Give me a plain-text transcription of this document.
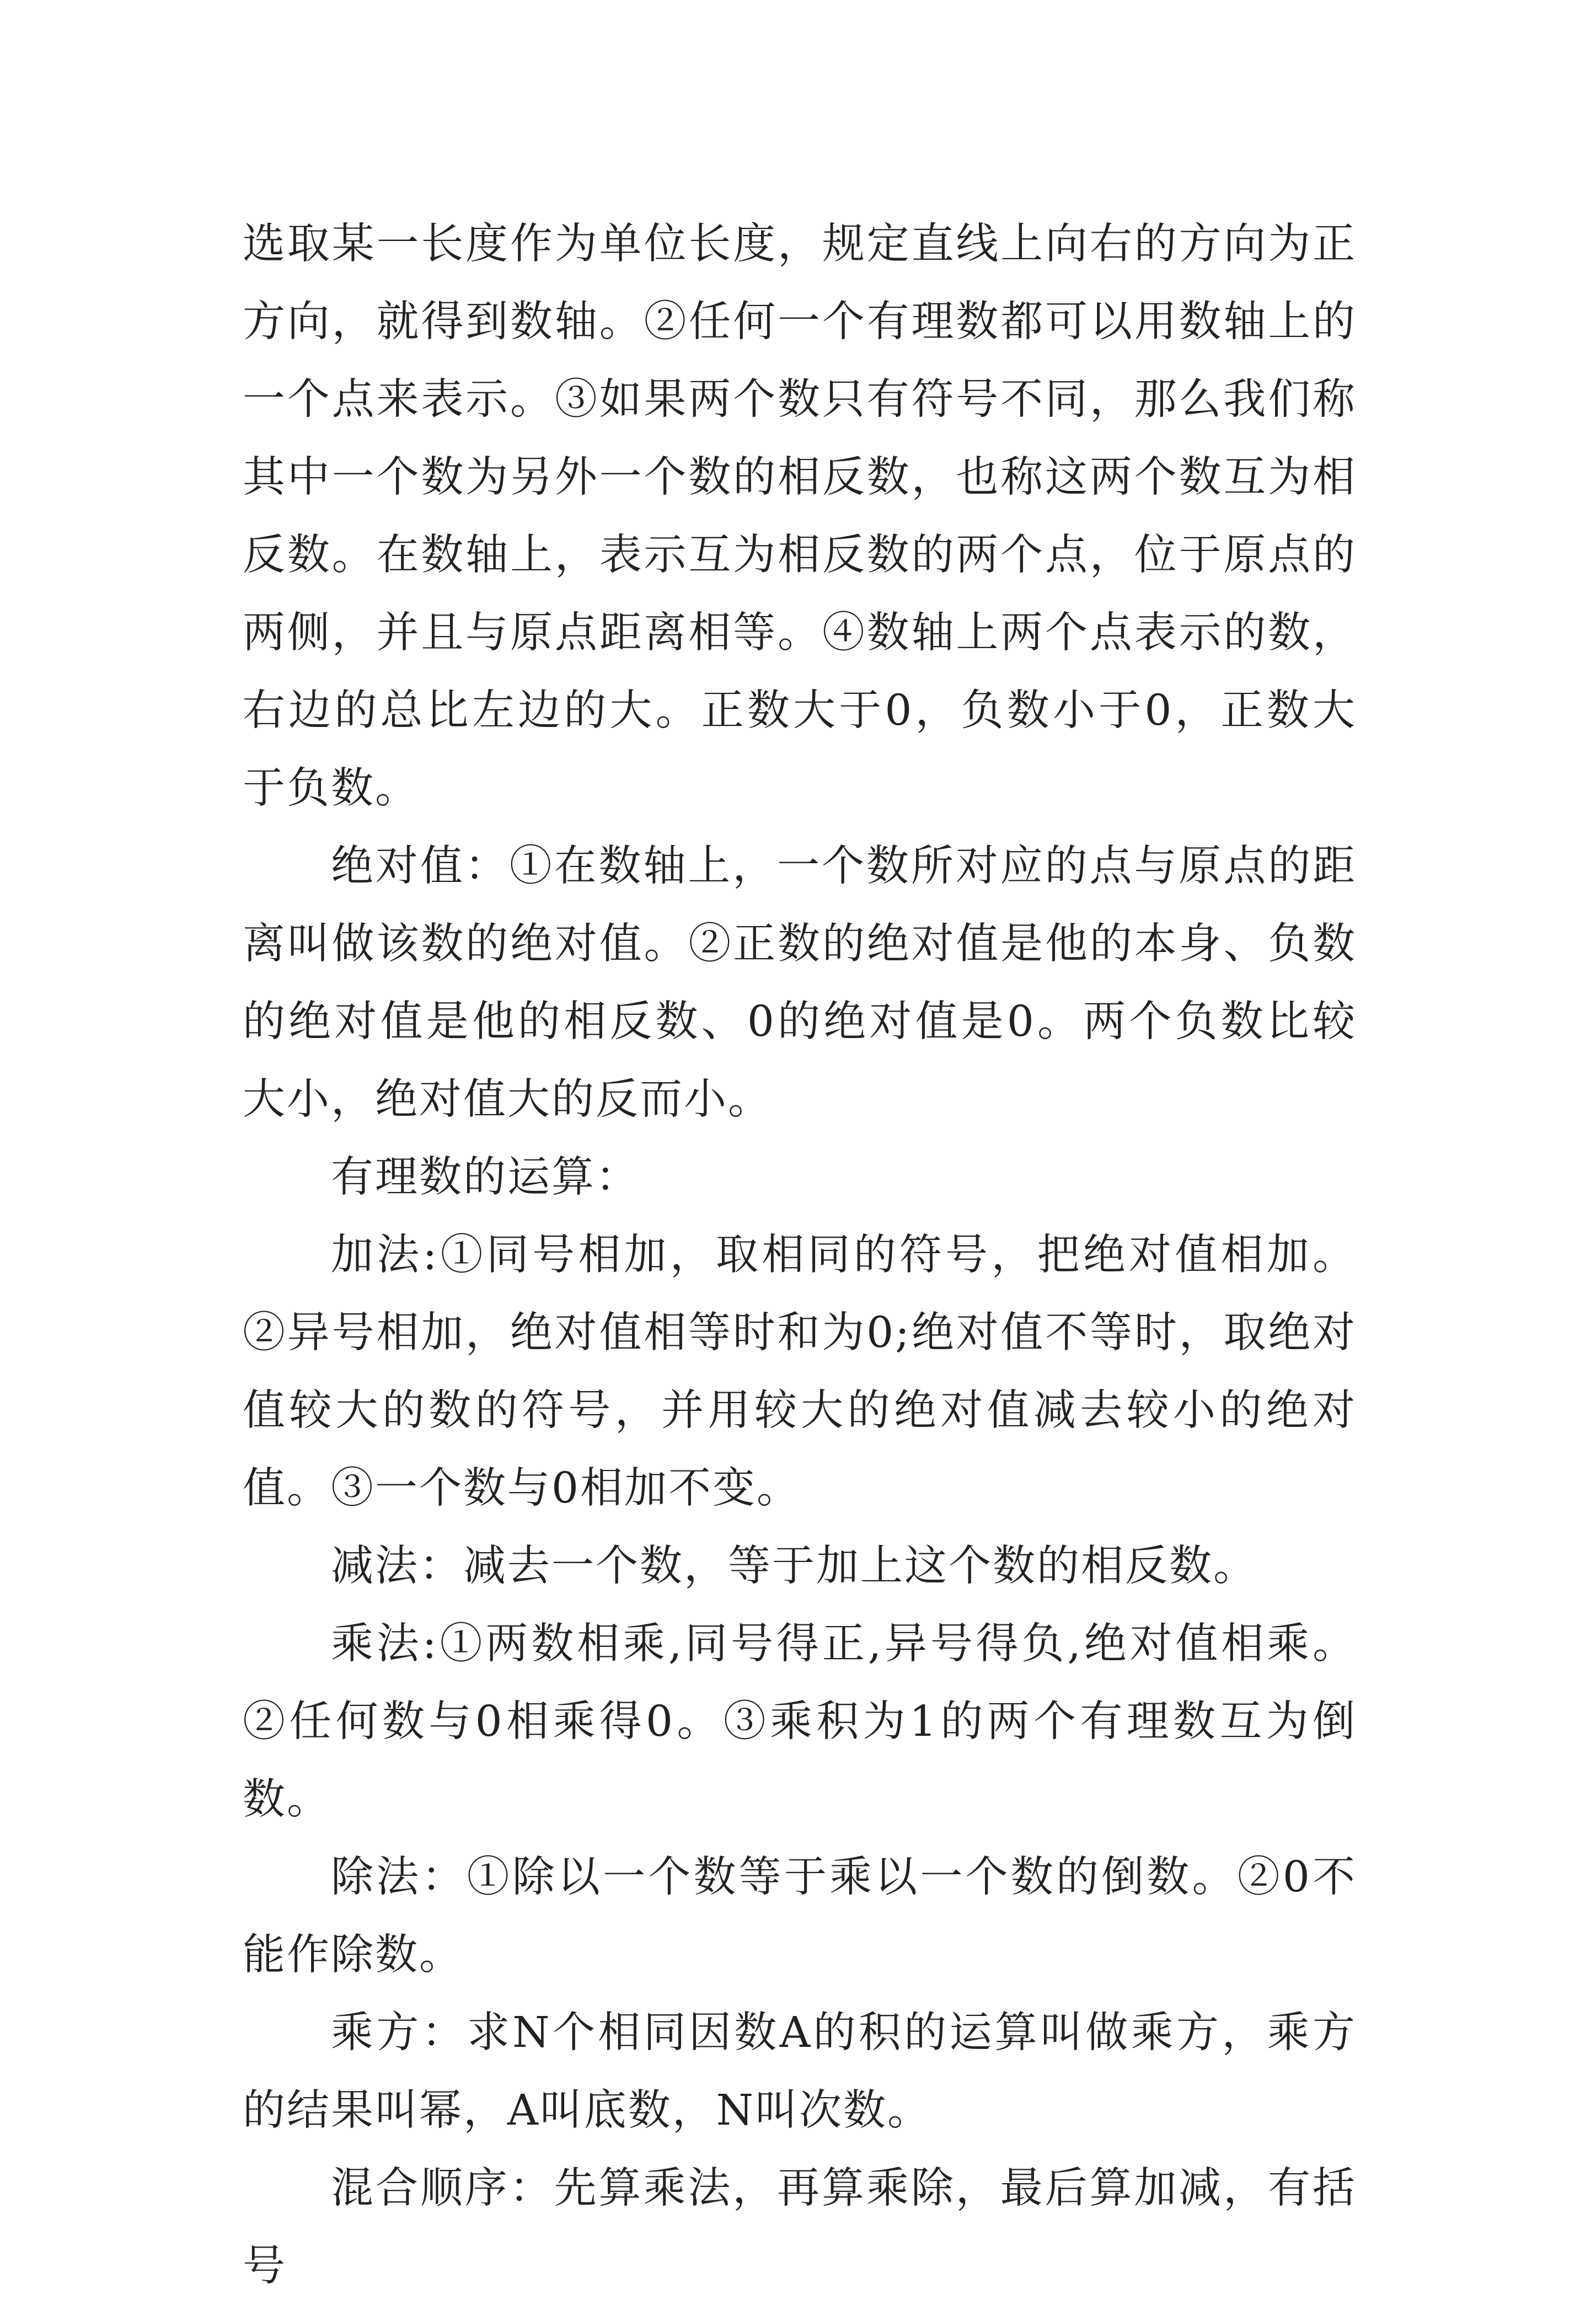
选取某一长度作为单位长度，规定直线上向右的方向为正方向，就得到数轴。②任何一个有理数都可以用数轴上的一个点来表示。③如果两个数只有符号不同，那么我们称其中一个数为另外一个数的相反数，也称这两个数互为相反数。在数轴上，表示互为相反数的两个点，位于原点的两侧，并且与原点距离相等。④数轴上两个点表示的数，右边的总比左边的大。正数大于0，负数小于0，正数大于负数。

绝对值：①在数轴上，一个数所对应的点与原点的距离叫做该数的绝对值。②正数的绝对值是他的本身、负数的绝对值是他的相反数、0的绝对值是0。两个负数比较大小，绝对值大的反而小。

有理数的运算：

加法:①同号相加，取相同的符号，把绝对值相加。②异号相加，绝对值相等时和为0;绝对值不等时，取绝对值较大的数的符号，并用较大的绝对值减去较小的绝对值。③一个数与0相加不变。

减法：减去一个数，等于加上这个数的相反数。

乘法:①两数相乘,同号得正,异号得负,绝对值相乘。②任何数与0相乘得0。③乘积为1的两个有理数互为倒数。

除法：①除以一个数等于乘以一个数的倒数。②0不能作除数。

乘方：求N个相同因数A的积的运算叫做乘方，乘方的结果叫幂，A叫底数，N叫次数。

混合顺序：先算乘法，再算乘除，最后算加减，有括号
